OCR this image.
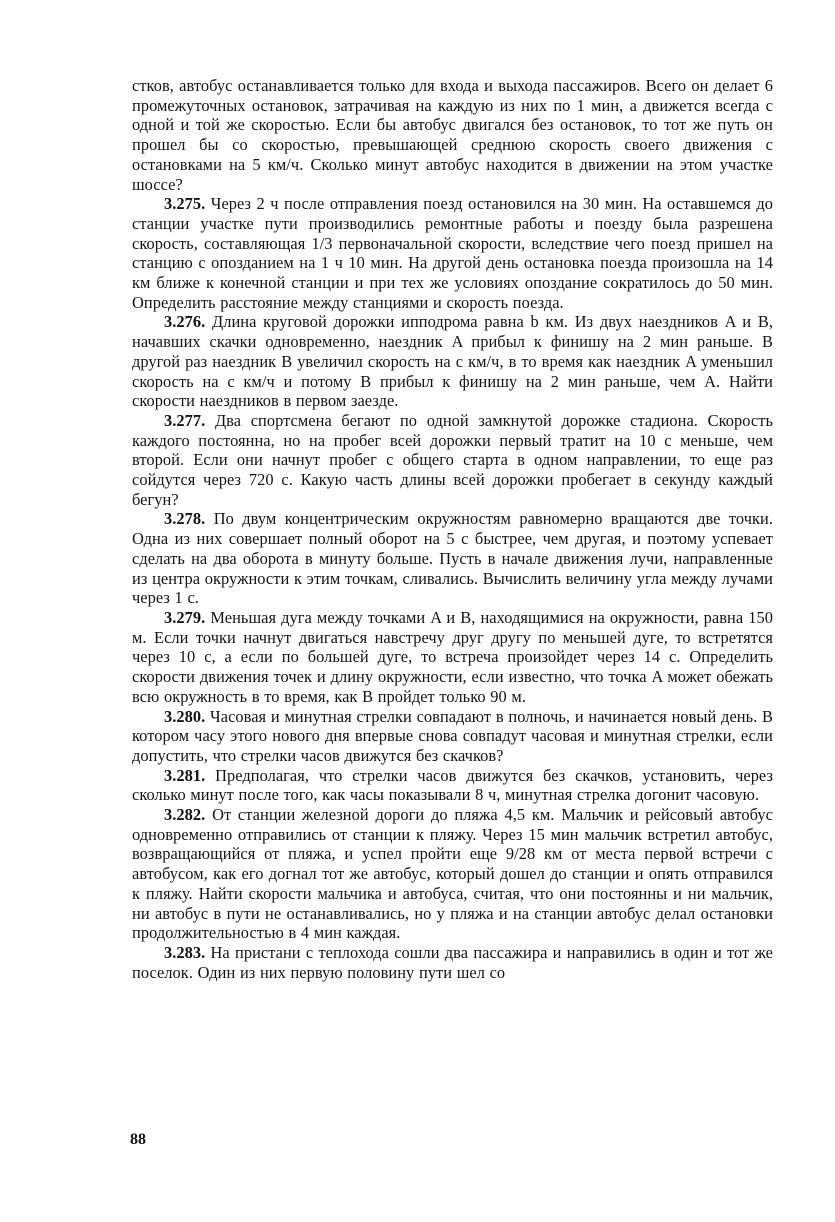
стков, автобус останавливается только для входа и выхода пассажиров. Всего он делает 6 промежуточных остановок, затрачивая на каждую из них по 1 мин, а движется всегда с одной и той же скоростью. Если бы автобус двигался без остановок, то тот же путь он прошел бы со скоростью, превышающей среднюю скорость своего движения с остановками на 5 км/ч. Сколько минут автобус находится в движении на этом участке шоссе?

3.275. Через 2 ч после отправления поезд остановился на 30 мин. На оставшемся до станции участке пути производились ремонтные работы и поезду была разрешена скорость, составляющая 1/3 первоначальной скорости, вследствие чего поезд пришел на станцию с опозданием на 1 ч 10 мин. На другой день остановка поезда произошла на 14 км ближе к конечной станции и при тех же условиях опоздание сократилось до 50 мин. Определить расстояние между станциями и скорость поезда.

3.276. Длина круговой дорожки ипподрома равна b км. Из двух наездников A и B, начавших скачки одновременно, наездник A прибыл к финишу на 2 мин раньше. В другой раз наездник B увеличил скорость на c км/ч, в то время как наездник A уменьшил скорость на c км/ч и потому B прибыл к финишу на 2 мин раньше, чем A. Найти скорости наездников в первом заезде.

3.277. Два спортсмена бегают по одной замкнутой дорожке стадиона. Скорость каждого постоянна, но на пробег всей дорожки первый тратит на 10 с меньше, чем второй. Если они начнут пробег с общего старта в одном направлении, то еще раз сойдутся через 720 с. Какую часть длины всей дорожки пробегает в секунду каждый бегун?

3.278. По двум концентрическим окружностям равномерно вращаются две точки. Одна из них совершает полный оборот на 5 с быстрее, чем другая, и поэтому успевает сделать на два оборота в минуту больше. Пусть в начале движения лучи, направленные из центра окружности к этим точкам, сливались. Вычислить величину угла между лучами через 1 с.

3.279. Меньшая дуга между точками A и B, находящимися на окружности, равна 150 м. Если точки начнут двигаться навстречу друг другу по меньшей дуге, то встретятся через 10 с, а если по большей дуге, то встреча произойдет через 14 с. Определить скорости движения точек и длину окружности, если известно, что точка A может обежать всю окружность в то время, как B пройдет только 90 м.

3.280. Часовая и минутная стрелки совпадают в полночь, и начинается новый день. В котором часу этого нового дня впервые снова совпадут часовая и минутная стрелки, если допустить, что стрелки часов движутся без скачков?

3.281. Предполагая, что стрелки часов движутся без скачков, установить, через сколько минут после того, как часы показывали 8 ч, минутная стрелка догонит часовую.

3.282. От станции железной дороги до пляжа 4,5 км. Мальчик и рейсовый автобус одновременно отправились от станции к пляжу. Через 15 мин мальчик встретил автобус, возвращающийся от пляжа, и успел пройти еще 9/28 км от места первой встречи с автобусом, как его догнал тот же автобус, который дошел до станции и опять отправился к пляжу. Найти скорости мальчика и автобуса, считая, что они постоянны и ни мальчик, ни автобус в пути не останавливались, но у пляжа и на станции автобус делал остановки продолжительностью в 4 мин каждая.

3.283. На пристани с теплохода сошли два пассажира и направились в один и тот же поселок. Один из них первую половину пути шел со

88
